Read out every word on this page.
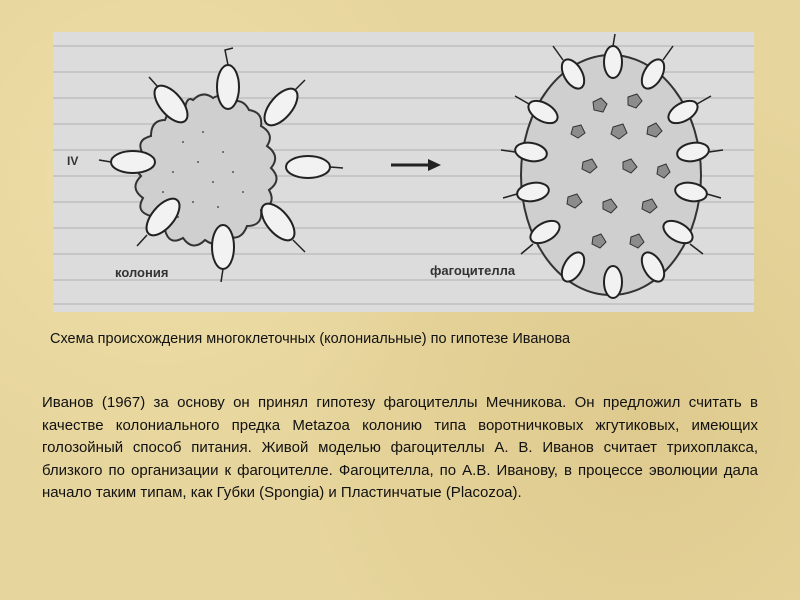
IV
колония	фагоцителла
Схема происхождения многоклеточных (колониальные) по гипотезе Иванова
Иванов (1967) за основу он принял гипотезу фагоцителлы Мечникова. Он предложил считать в качестве колониального предка Metazoa колонию типа воротничковых жгутиковых, имеющих голозойный способ питания. Живой моделью фагоцителлы А. В. Иванов считает трихоплакса, близкого по организации к фагоцителле. Фагоцителла, по А.В. Иванову, в процессе эволюции дала начало таким типам, как Губки (Spongia) и Пластинчатые (Placozoa).
